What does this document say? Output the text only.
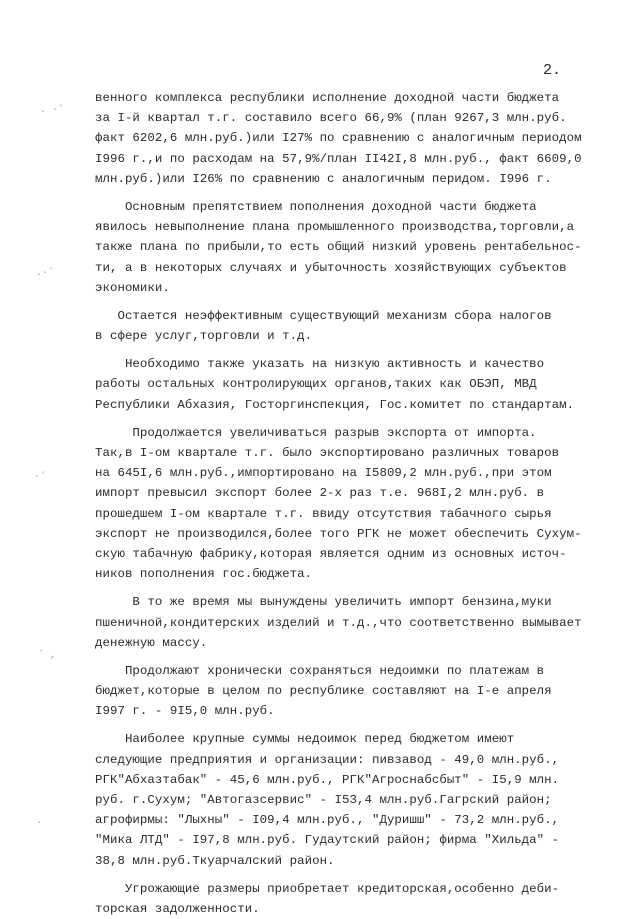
2.
. ·ʼ
.·ʼ
·ʼ
ʼ ,
·
венного комплекса республики исполнение доходной части бюджета
за I-й квартал т.г. составило всего 66,9% (план 9267,3 млн.руб.
факт 6202,6 млн.руб.)или I27% по сравнению с аналогичным периодом
I996 г.,и по расходам на 57,9%/план II42I,8 млн.руб., факт 6609,0
млн.руб.)или I26% по сравнению с аналогичным перидом. I996 г.
Основным препятствием пополнения доходной части бюджета
явилось невыполнение плана промышленного производства,торговли,а
также плана по прибыли,то есть общий низкий уровень рентабельнос-
ти, а в некоторых случаях и убыточность хозяйствующих субъектов
экономики.
Остается неэффективным существующий механизм сбора налогов
в сфере услуг,торговли и т.д.
Необходимо также указать на низкую активность и качество
работы остальных контролирующих органов,таких как ОБЭП, МВД
Республики Абхазия, Госторгинспекция, Гос.комитет по стандартам.
Продолжается увеличиваться разрыв экспорта от импорта.
Так,в I-ом квартале т.г. было экспортировано различных товаров
на 645I,6 млн.руб.,импортировано на I5809,2 млн.руб.,при этом
импорт превысил экспорт более 2-х раз т.е. 968I,2 млн.руб. в
прошедшем I-ом квартале т.г. ввиду отсутствия табачного сырья
экспорт не производился,более того РГК не может обеспечить Сухум-
скую табачную фабрику,которая является одним из основных источ-
ников пополнения гос.бюджета.
В то же время мы вынуждены увеличить импорт бензина,муки
пшеничной,кондитерских изделий и т.д.,что соответственно вымывает
денежную массу.
Продолжают хронически сохраняться недоимки по платежам в
бюджет,которые в целом по республике составляют на I-е апреля
I997 г. - 9I5,0 млн.руб.
Наиболее крупные суммы недоимок перед бюджетом имеют
следующие предприятия и организации: пивзавод - 49,0 млн.руб.,
РГК"Абхазтабак" - 45,6 млн.руб., РГК"Агроснабсбыт" - I5,9 млн.
руб. г.Сухум; "Автогазсервис" - I53,4 млн.руб.Гагрский район;
агрофирмы: "Лыхны" - I09,4 млн.руб., "Дуришш" - 73,2 млн.руб.,
"Мика ЛТД" - I97,8 млн.руб. Гудаутский район; фирма "Хильда" -
38,8 млн.руб.Ткуарчалский район.
Угрожающие размеры приобретает кредиторская,особенно деби-
торская задолженности.
